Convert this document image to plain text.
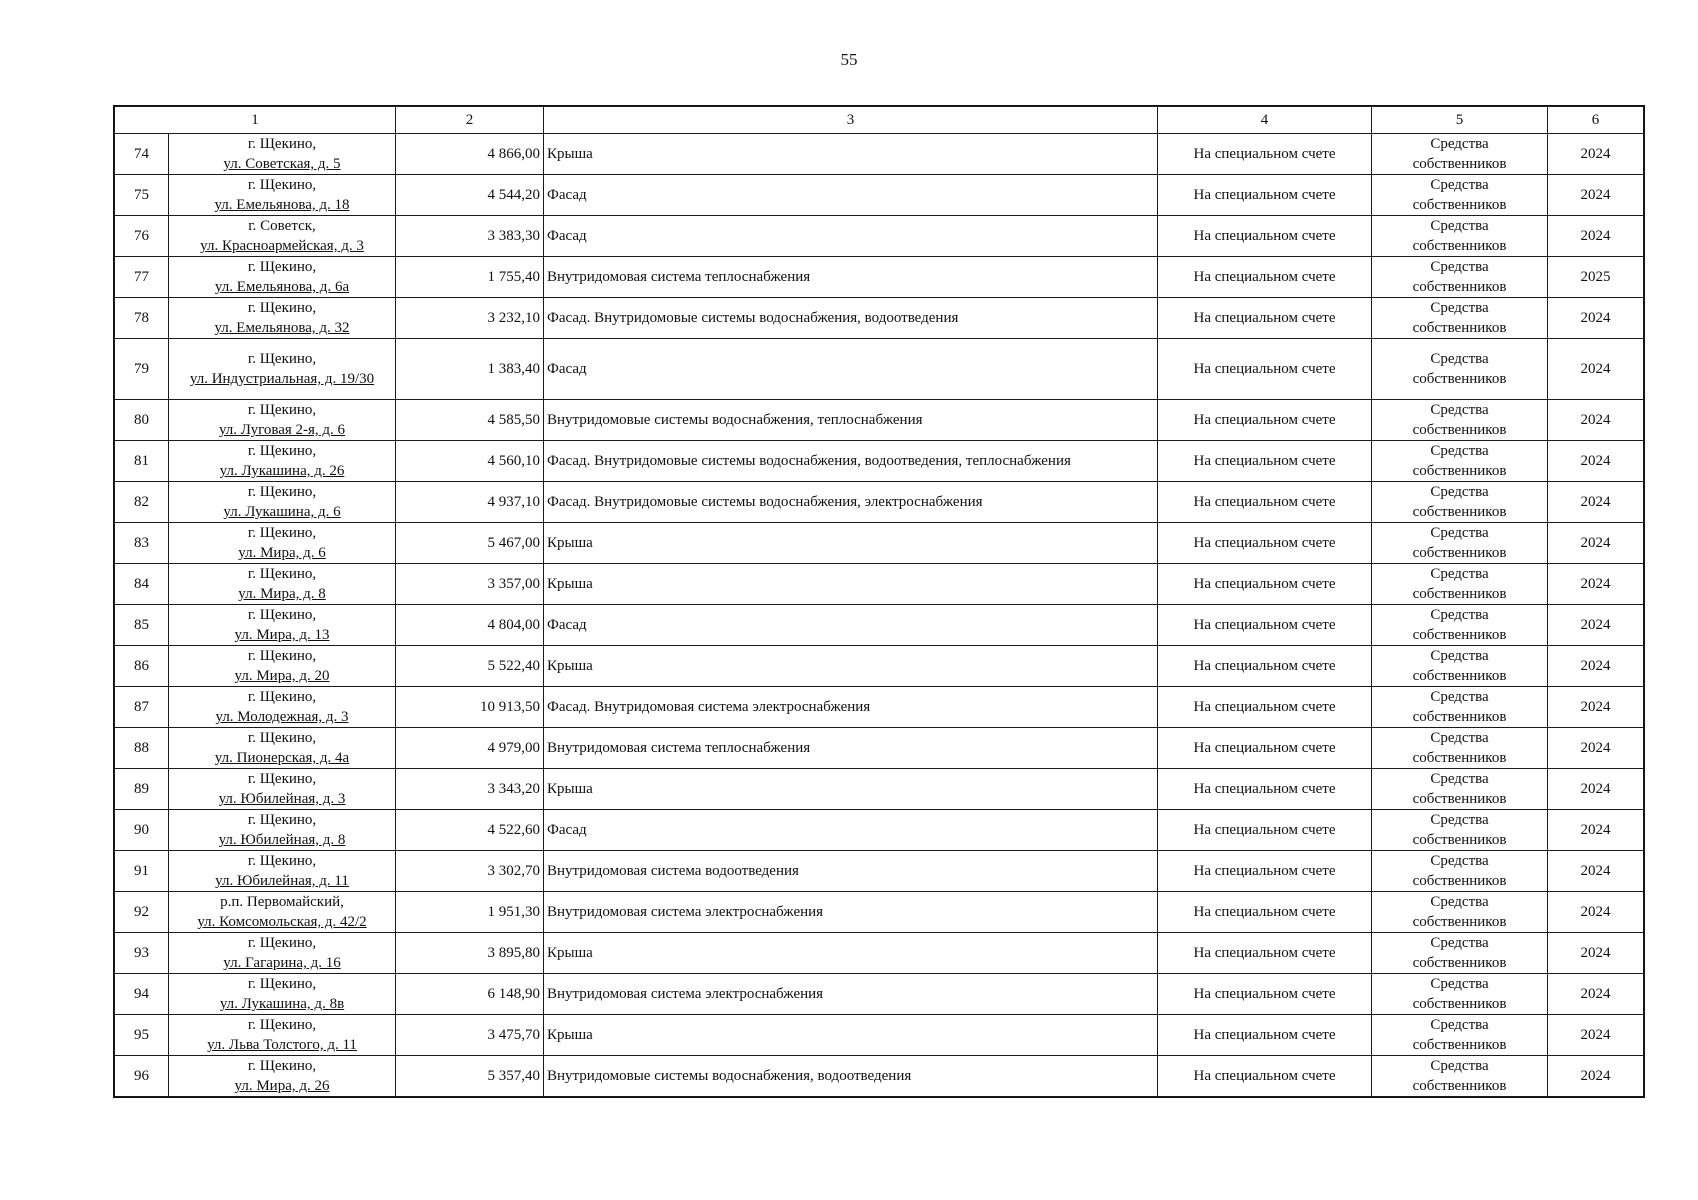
55
1		2	3	4	5	6
74	г. Щекино,
ул. Советская, д. 5	4 866,00	Крыша	На специальном счете	Средства
собственников	2024
75	г. Щекино,
ул. Емельянова, д. 18	4 544,20	Фасад	На специальном счете	Средства
собственников	2024
76	г. Советск,
ул. Красноармейская, д. 3	3 383,30	Фасад	На специальном счете	Средства
собственников	2024
77	г. Щекино,
ул. Емельянова, д. 6а	1 755,40	Внутридомовая система теплоснабжения	На специальном счете	Средства
собственников	2025
78	г. Щекино,
ул. Емельянова, д. 32	3 232,10	Фасад. Внутридомовые системы водоснабжения, водоотведения	На специальном счете	Средства
собственников	2024
79	г. Щекино,
ул. Индустриальная, д. 19/30	1 383,40	Фасад	На специальном счете	Средства
собственников	2024
80	г. Щекино,
ул. Луговая 2-я, д. 6	4 585,50	Внутридомовые системы водоснабжения, теплоснабжения	На специальном счете	Средства
собственников	2024
81	г. Щекино,
ул. Лукашина, д. 26	4 560,10	Фасад. Внутридомовые системы водоснабжения, водоотведения, теплоснабжения	На специальном счете	Средства
собственников	2024
82	г. Щекино,
ул. Лукашина, д. 6	4 937,10	Фасад. Внутридомовые системы водоснабжения, электроснабжения	На специальном счете	Средства
собственников	2024
83	г. Щекино,
ул. Мира, д. 6	5 467,00	Крыша	На специальном счете	Средства
собственников	2024
84	г. Щекино,
ул. Мира, д. 8	3 357,00	Крыша	На специальном счете	Средства
собственников	2024
85	г. Щекино,
ул. Мира, д. 13	4 804,00	Фасад	На специальном счете	Средства
собственников	2024
86	г. Щекино,
ул. Мира, д. 20	5 522,40	Крыша	На специальном счете	Средства
собственников	2024
87	г. Щекино,
ул. Молодежная, д. 3	10 913,50	Фасад. Внутридомовая система электроснабжения	На специальном счете	Средства
собственников	2024
88	г. Щекино,
ул. Пионерская, д. 4а	4 979,00	Внутридомовая система теплоснабжения	На специальном счете	Средства
собственников	2024
89	г. Щекино,
ул. Юбилейная, д. 3	3 343,20	Крыша	На специальном счете	Средства
собственников	2024
90	г. Щекино,
ул. Юбилейная, д. 8	4 522,60	Фасад	На специальном счете	Средства
собственников	2024
91	г. Щекино,
ул. Юбилейная, д. 11	3 302,70	Внутридомовая система водоотведения	На специальном счете	Средства
собственников	2024
92	р.п. Первомайский,
ул. Комсомольская, д. 42/2	1 951,30	Внутридомовая система электроснабжения	На специальном счете	Средства
собственников	2024
93	г. Щекино,
ул. Гагарина, д. 16	3 895,80	Крыша	На специальном счете	Средства
собственников	2024
94	г. Щекино,
ул. Лукашина, д. 8в	6 148,90	Внутридомовая система электроснабжения	На специальном счете	Средства
собственников	2024
95	г. Щекино,
ул. Льва Толстого, д. 11	3 475,70	Крыша	На специальном счете	Средства
собственников	2024
96	г. Щекино,
ул. Мира, д. 26	5 357,40	Внутридомовые системы водоснабжения, водоотведения	На специальном счете	Средства
собственников	2024
